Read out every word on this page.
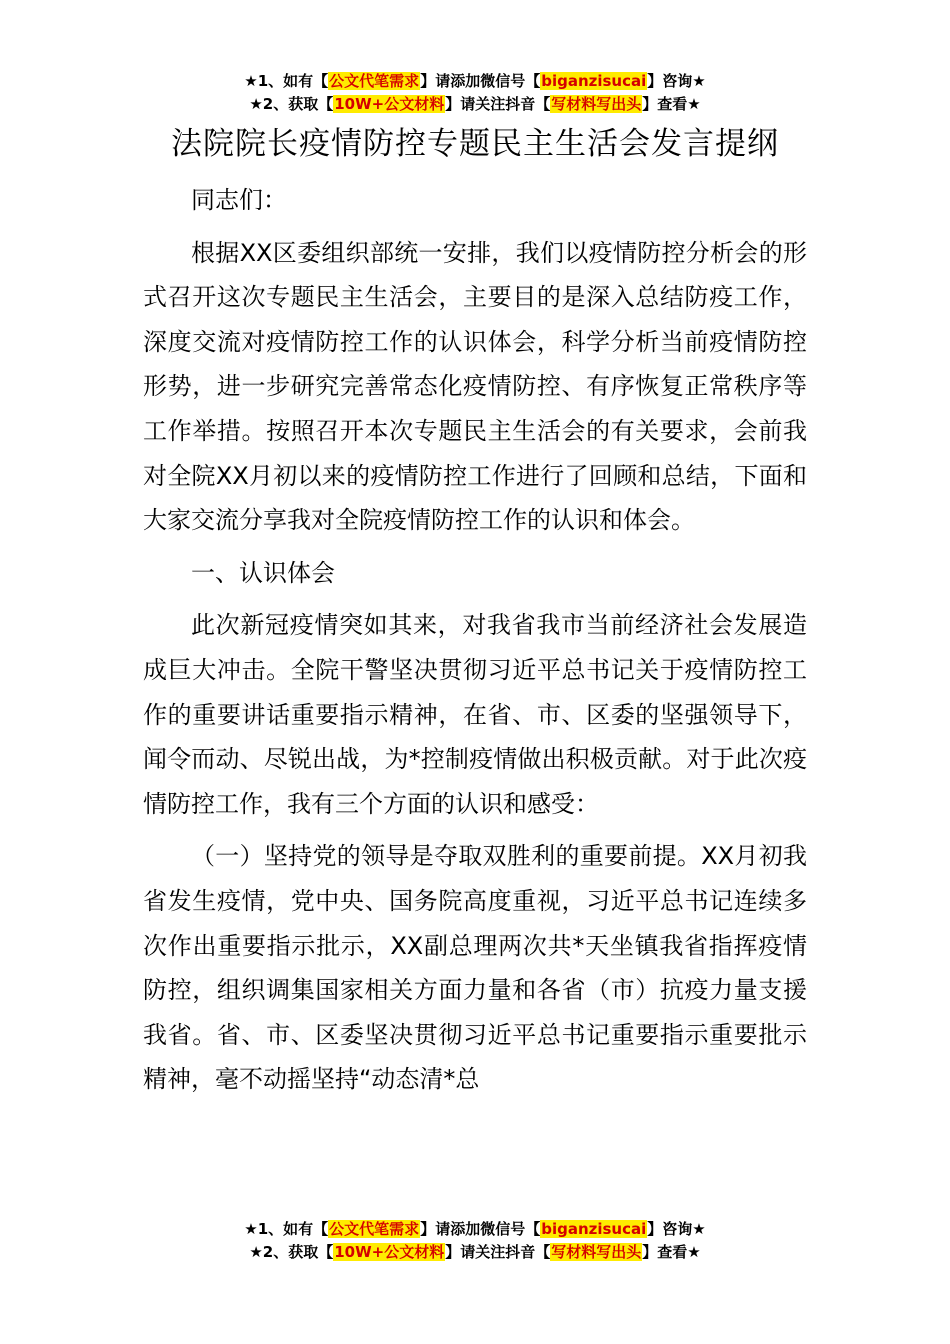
★1、如有【公文代笔需求】请添加微信号【biganzisucai】咨询★
★2、获取【10W+公文材料】请关注抖音【写材料写出头】查看★
法院院长疫情防控专题民主生活会发言提纲

同志们：

根据XX区委组织部统一安排，我们以疫情防控分析会的形式召开这次专题民主生活会，主要目的是深入总结防疫工作，深度交流对疫情防控工作的认识体会，科学分析当前疫情防控形势，进一步研究完善常态化疫情防控、有序恢复正常秩序等工作举措。按照召开本次专题民主生活会的有关要求，会前我对全院XX月初以来的疫情防控工作进行了回顾和总结，下面和大家交流分享我对全院疫情防控工作的认识和体会。

一、认识体会

此次新冠疫情突如其来，对我省我市当前经济社会发展造成巨大冲击。全院干警坚决贯彻习近平总书记关于疫情防控工作的重要讲话重要指示精神，在省、市、区委的坚强领导下，闻令而动、尽锐出战，为*控制疫情做出积极贡献。对于此次疫情防控工作，我有三个方面的认识和感受：

（一）坚持党的领导是夺取双胜利的重要前提。XX月初我省发生疫情，党中央、国务院高度重视，习近平总书记连续多次作出重要指示批示，XX副总理两次共*天坐镇我省指挥疫情防控，组织调集国家相关方面力量和各省（市）抗疫力量支援我省。省、市、区委坚决贯彻习近平总书记重要指示重要批示精神，毫不动摇坚持“动态清*总

★1、如有【公文代笔需求】请添加微信号【biganzisucai】咨询★
★2、获取【10W+公文材料】请关注抖音【写材料写出头】查看★
